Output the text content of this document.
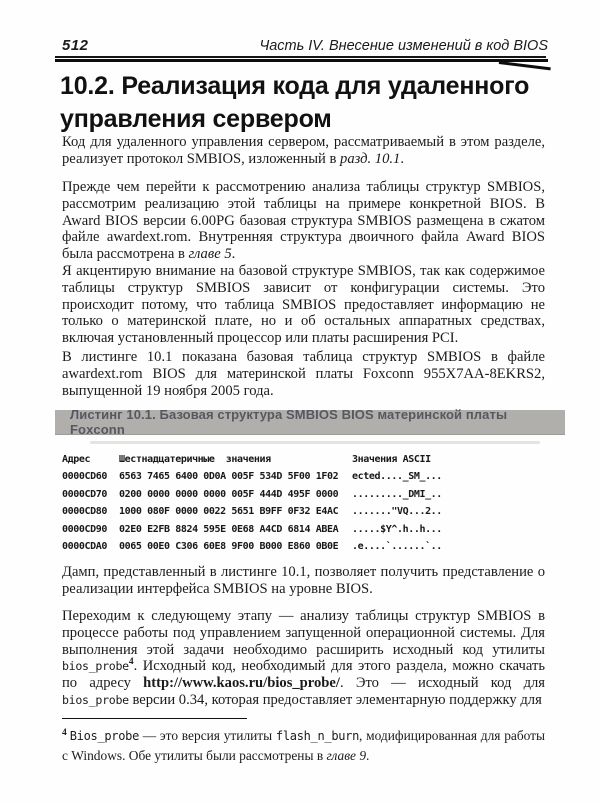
512	Часть IV. Внесение изменений в код BIOS
10.2. Реализация кода для удаленного управления сервером

Код для удаленного управления сервером, рассматриваемый в этом разделе, реализует протокол SMBIOS, изложенный в разд. 10.1.

Прежде чем перейти к рассмотрению анализа таблицы структур SMBIOS, рассмотрим реализацию этой таблицы на примере конкретной BIOS. В Award BIOS версии 6.00PG базовая структура SMBIOS размещена в сжатом файле awardext.rom. Внутренняя структура двоичного файла Award BIOS была рассмотрена в главе 5.

Я акцентирую внимание на базовой структуре SMBIOS, так как содержимое таблицы структур SMBIOS зависит от конфигурации системы. Это происходит потому, что таблица SMBIOS предоставляет информацию не только о материнской плате, но и об остальных аппаратных средствах, включая установленный процессор или платы расширения PCI.

В листинге 10.1 показана базовая таблица структур SMBIOS в файле awardext.rom BIOS для материнской платы Foxconn 955X7AA-8EKRS2, выпущенной 19 ноября 2005 года.

Листинг 10.1. Базовая структура SMBIOS BIOS материнской платы Foxconn
Адрес	Шестнадцатеричные  значения	Значения ASCII
0000CD60	6563 7465 6400 0D0A 005F 534D 5F00 1F02	ected...._SM_...
0000CD70	0200 0000 0000 0000 005F 444D 495F 0000	........._DMI_..
0000CD80	1000 080F 0000 0022 5651 B9FF 0F32 E4AC	......."VQ...2..
0000CD90	02E0 E2FB 8824 595E 0E68 A4CD 6814 ABEA	.....$Y^.h..h...
0000CDA0	0065 00E0 C306 60E8 9F00 B000 E860 0B0E	.e....`......`..

Дамп, представленный в листинге 10.1, позволяет получить представление о реализации интерфейса SMBIOS на уровне BIOS.

Переходим к следующему этапу — анализу таблицы структур SMBIOS в процессе работы под управлением запущенной операционной системы. Для выполнения этой задачи необходимо расширить исходный код утилиты bios_probe$^4$. Исходный код, необходимый для этого раздела, можно скачать по адресу http://www.kaos.ru/bios_probe/. Это — исходный код для bios_probe версии 0.34, которая предоставляет элементарную поддержку для

$^4$ Bios_probe — это версия утилиты flash_n_burn, модифицированная для работы с Windows. Обе утилиты были рассмотрены в главе 9.
